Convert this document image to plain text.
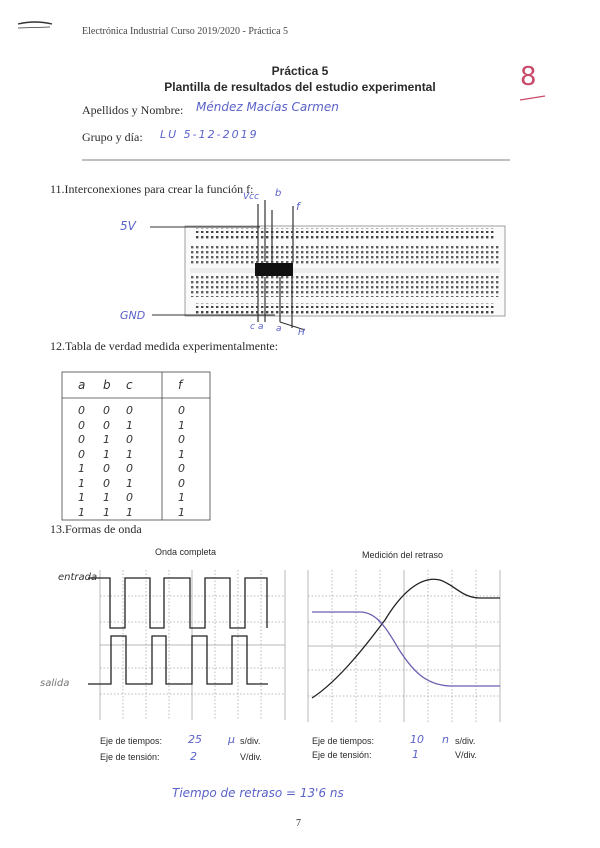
Electrónica Industrial Curso 2019/2020 - Práctica 5
Práctica 5
Plantilla de resultados del estudio experimental	8
Apellidos y Nombre: Méndez Macías Carmen
Grupo y día: LU 5-12-2019
11.Interconexiones para crear la función f:
5V
GND
Vcc b
f
c a a H
12.Tabla de verdad medida experimentalmente:
a b c	f
0 0 0	0
0 0 1	1
0 1 0	0
0 1 1	1
1 0 0	0
1 0 1	0
1 1 0	1
1 1 1	1
13.Formas de onda
Onda completa	Medición del retraso
entrada
salida
Eje de tiempos: 25 μ s/div.
Eje de tensión:	2	V/div.
Eje de tiempos:	10 n s/div.
Eje de tensión:	1	V/div.
Tiempo de retraso = 13'6 ns
7
